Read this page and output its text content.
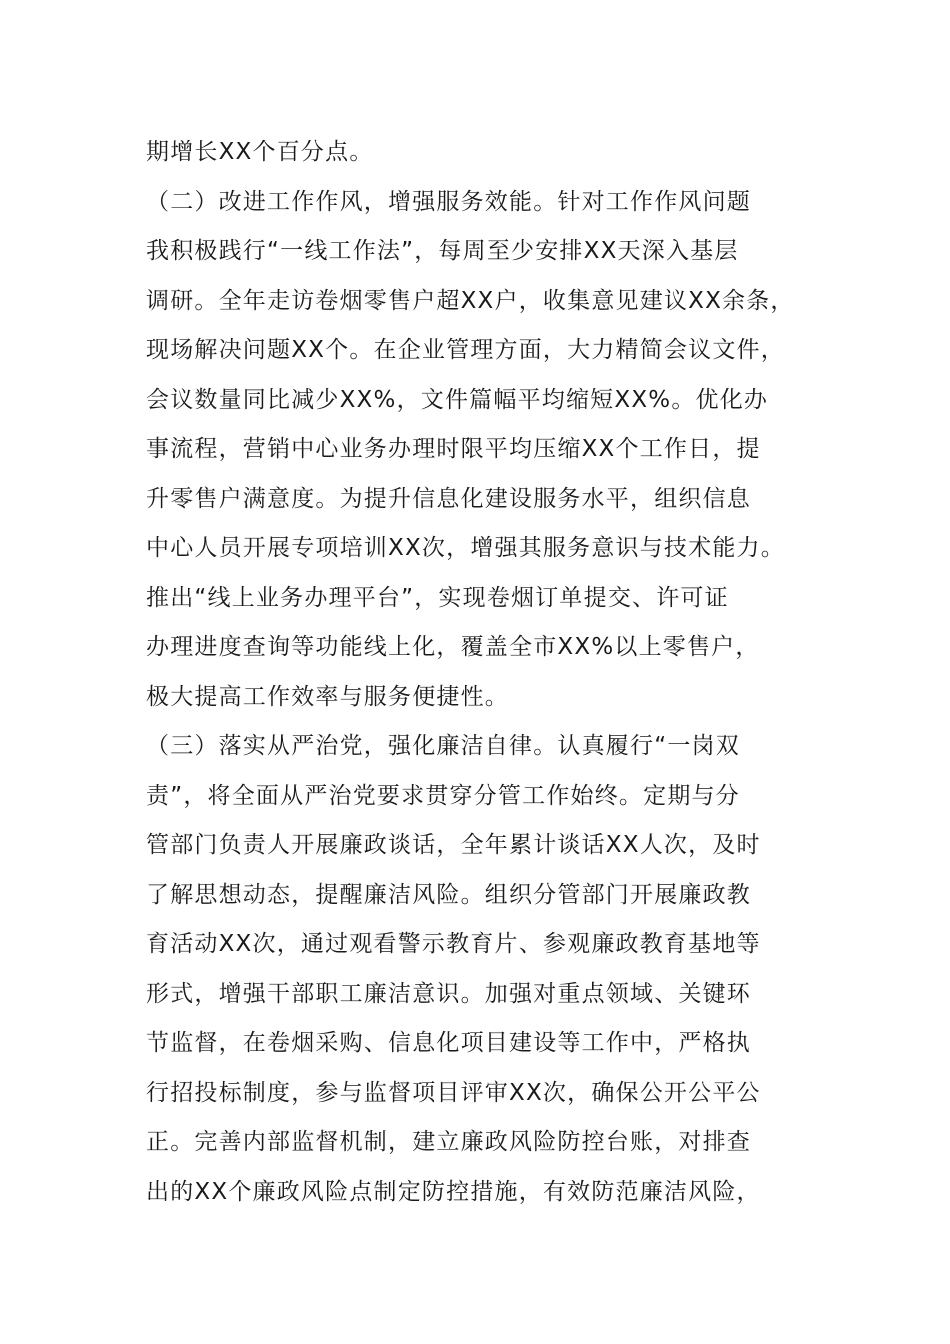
期增长XX个百分点。
（二）改进工作作风，增强服务效能。针对工作作风问题
我积极践行“一线工作法”，每周至少安排XX天深入基层
调研。全年走访卷烟零售户超XX户，收集意见建议XX余条，
现场解决问题XX个。在企业管理方面，大力精简会议文件，
会议数量同比减少XX%，文件篇幅平均缩短XX%。优化办
事流程，营销中心业务办理时限平均压缩XX个工作日，提
升零售户满意度。为提升信息化建设服务水平，组织信息
中心人员开展专项培训XX次，增强其服务意识与技术能力。
推出“线上业务办理平台”，实现卷烟订单提交、许可证
办理进度查询等功能线上化，覆盖全市XX%以上零售户，
极大提高工作效率与服务便捷性。
（三）落实从严治党，强化廉洁自律。认真履行“一岗双
责”，将全面从严治党要求贯穿分管工作始终。定期与分
管部门负责人开展廉政谈话，全年累计谈话XX人次，及时
了解思想动态，提醒廉洁风险。组织分管部门开展廉政教
育活动XX次，通过观看警示教育片、参观廉政教育基地等
形式，增强干部职工廉洁意识。加强对重点领域、关键环
节监督，在卷烟采购、信息化项目建设等工作中，严格执
行招投标制度，参与监督项目评审XX次，确保公开公平公
正。完善内部监督机制，建立廉政风险防控台账，对排查
出的XX个廉政风险点制定防控措施，有效防范廉洁风险，
